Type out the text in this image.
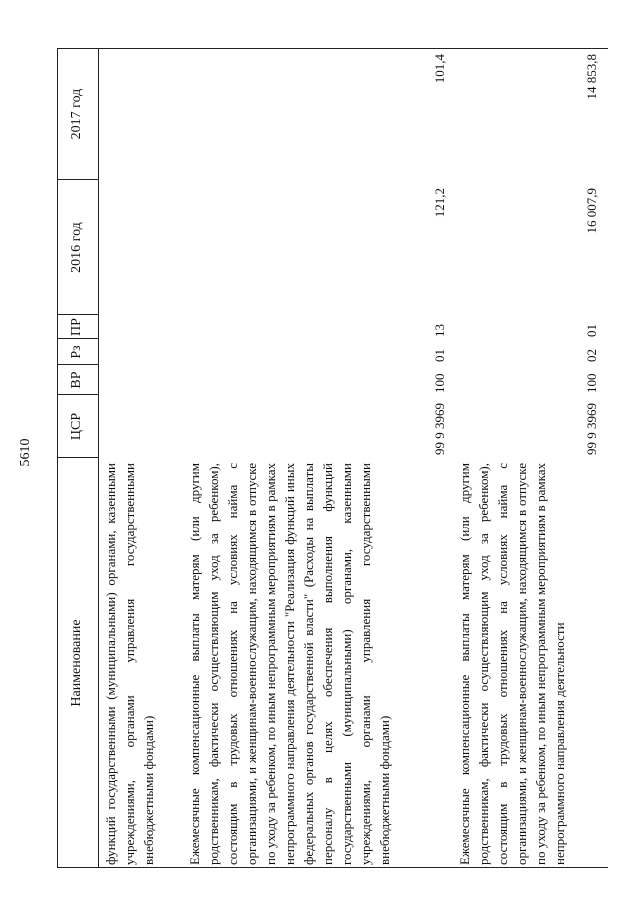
5610
Наименование
ЦСР
ВР
Рз
ПР
2016 год
2017 год

функций государственными (муниципальными) органами, казенными учреждениями, органами управления государственными внебюджетными фондами) Ежемесячные компенсационные выплаты матерям (или другим родственникам, фактически осуществляющим уход за ребенком), состоящим в трудовых отношениях на условиях найма с организациями, и женщинам-военнослужащим, находящимся в отпуске по уходу за ребенком, по иным непрограммным мероприятиям в рамках непрограммного направления деятельности "Реализация функций иных федеральных органов государственной власти" (Расходы на выплаты персоналу в целях обеспечения выполнения функций государственными (муниципальными) органами, казенными учреждениями, органами управления государственными внебюджетными фондами)

99 9 3969
100
01
13
121,2
101,4

Ежемесячные компенсационные выплаты матерям (или другим родственникам, фактически осуществляющим уход за ребенком), состоящим в трудовых отношениях на условиях найма с организациями, и женщинам-военнослужащим, находящимся в отпуске по уходу за ребенком, по иным непрограммным мероприятиям в рамках непрограммного направления деятельности

99 9 3969
100
02
01
16 007,9
14 853,8
